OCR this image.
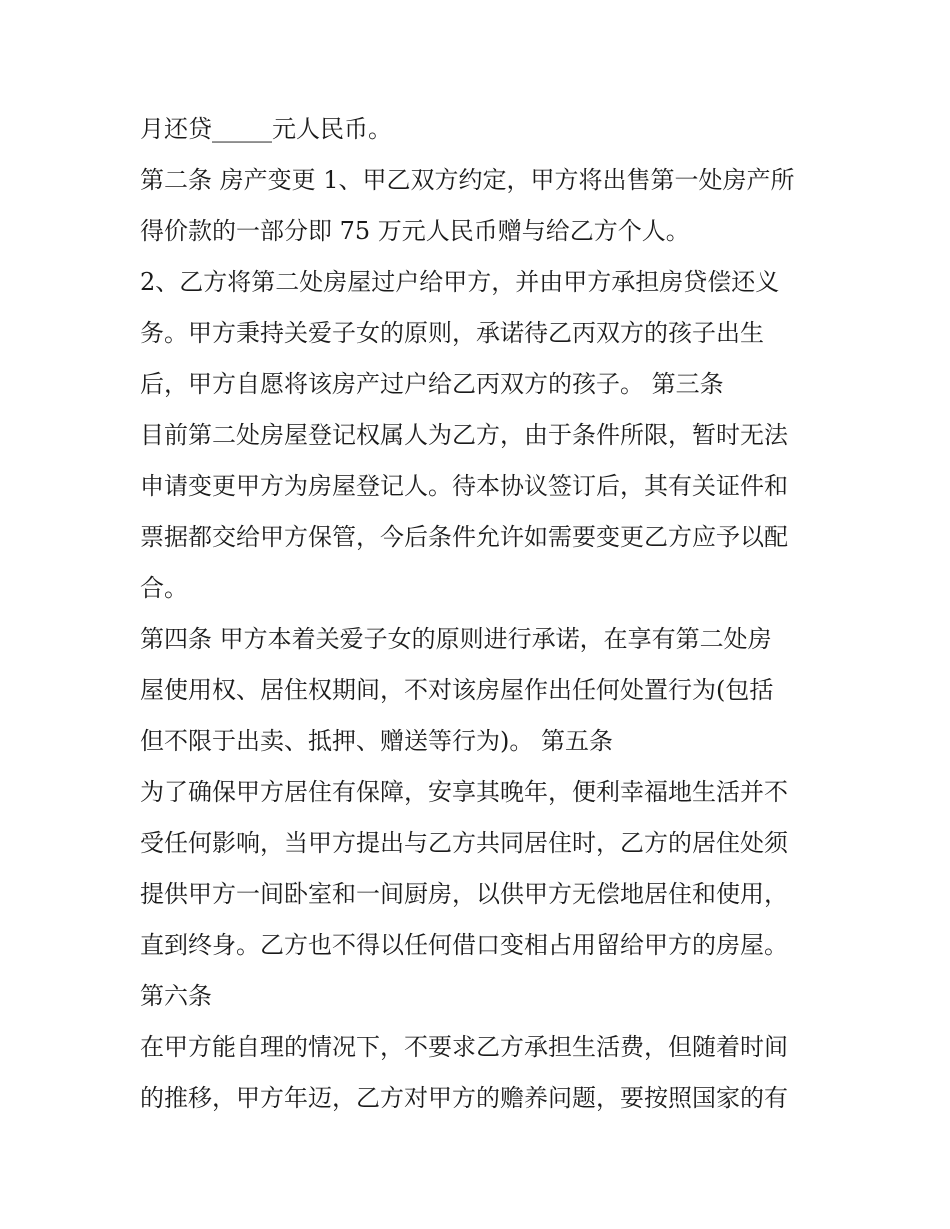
月还贷_____元人民币。
第二条 房产变更 1、甲乙双方约定，甲方将出售第一处房产所
得价款的一部分即 75 万元人民币赠与给乙方个人。
2、乙方将第二处房屋过户给甲方，并由甲方承担房贷偿还义
务。甲方秉持关爱子女的原则，承诺待乙丙双方的孩子出生
后，甲方自愿将该房产过户给乙丙双方的孩子。 第三条
目前第二处房屋登记权属人为乙方，由于条件所限，暂时无法
申请变更甲方为房屋登记人。待本协议签订后，其有关证件和
票据都交给甲方保管，今后条件允许如需要变更乙方应予以配
合。
第四条 甲方本着关爱子女的原则进行承诺，在享有第二处房
屋使用权、居住权期间，不对该房屋作出任何处置行为(包括
但不限于出卖、抵押、赠送等行为)。 第五条
为了确保甲方居住有保障，安享其晚年，便利幸福地生活并不
受任何影响，当甲方提出与乙方共同居住时，乙方的居住处须
提供甲方一间卧室和一间厨房，以供甲方无偿地居住和使用，
直到终身。乙方也不得以任何借口变相占用留给甲方的房屋。
第六条
在甲方能自理的情况下，不要求乙方承担生活费，但随着时间
的推移，甲方年迈，乙方对甲方的赡养问题，要按照国家的有
